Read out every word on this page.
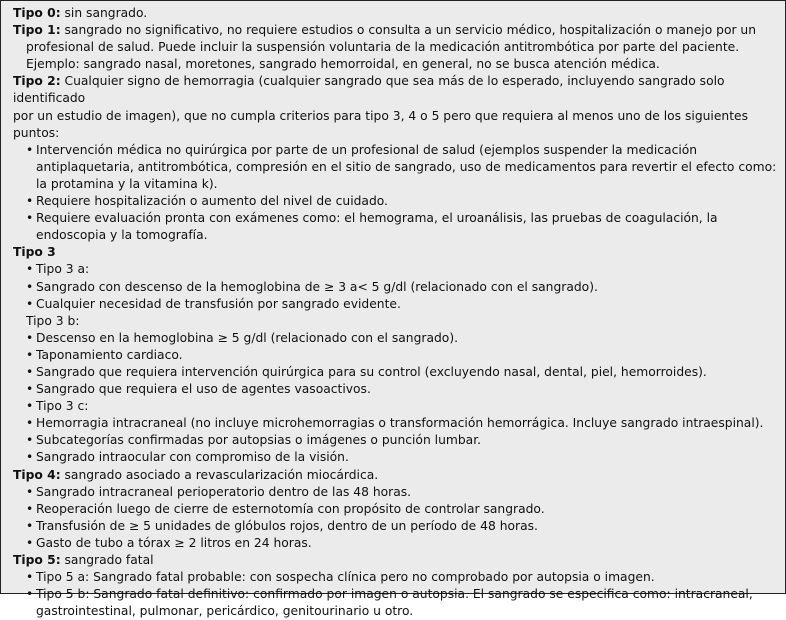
Tipo 0: sin sangrado.

Tipo 1: sangrado no significativo, no requiere estudios o consulta a un servicio médico, hospitalización o manejo por un

profesional de salud. Puede incluir la suspensión voluntaria de la medicación antitrombótica por parte del paciente.

Ejemplo: sangrado nasal, moretones, sangrado hemorroidal, en general, no se busca atención médica.

Tipo 2: Cualquier signo de hemorragia (cualquier sangrado que sea más de lo esperado, incluyendo sangrado solo identificado

por un estudio de imagen), que no cumpla criterios para tipo 3, 4 o 5 pero que requiera al menos uno de los siguientes puntos:

• Intervención médica no quirúrgica por parte de un profesional de salud (ejemplos suspender la medicación antiplaquetaria, antitrombótica, compresión en el sitio de sangrado, uso de medicamentos para revertir el efecto como: la protamina y la vitamina k).
• Requiere hospitalización o aumento del nivel de cuidado.
• Requiere evaluación pronta con exámenes como: el hemograma, el uroanálisis, las pruebas de coagulación, la endoscopia y la tomografía.

Tipo 3

• Tipo 3 a:
• Sangrado con descenso de la hemoglobina de ≥ 3 a< 5 g/dl (relacionado con el sangrado).
• Cualquier necesidad de transfusión por sangrado evidente.

Tipo 3 b:

• Descenso en la hemoglobina ≥ 5 g/dl (relacionado con el sangrado).
• Taponamiento cardiaco.
• Sangrado que requiera intervención quirúrgica para su control (excluyendo nasal, dental, piel, hemorroides).
• Sangrado que requiera el uso de agentes vasoactivos.
• Tipo 3 c:
• Hemorragia intracraneal (no incluye microhemorragias o transformación hemorrágica. Incluye sangrado intraespinal).
• Subcategorías confirmadas por autopsias o imágenes o punción lumbar.
• Sangrado intraocular con compromiso de la visión.

Tipo 4: sangrado asociado a revascularización miocárdica.

• Sangrado intracraneal perioperatorio dentro de las 48 horas.
• Reoperación luego de cierre de esternotomía con propósito de controlar sangrado.
• Transfusión de ≥ 5 unidades de glóbulos rojos, dentro de un período de 48 horas.
• Gasto de tubo a tórax ≥ 2 litros en 24 horas.

Tipo 5: sangrado fatal

• Tipo 5 a: Sangrado fatal probable: con sospecha clínica pero no comprobado por autopsia o imagen.
• Tipo 5 b: Sangrado fatal definitivo: confirmado por imagen o autopsia. El sangrado se especifica como: intracraneal, gastrointestinal, pulmonar, pericárdico, genitourinario u otro.
